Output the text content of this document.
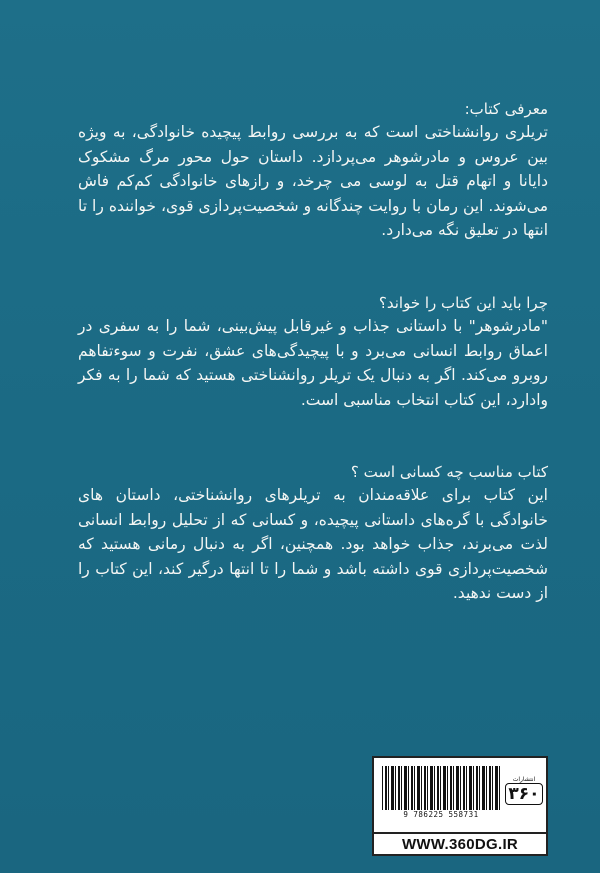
معرفی کتاب:

تریلری روانشناختی است که به بررسی روابط پیچیده خانوادگی، به ویژه بین عروس و مادرشوهر می‌پردازد. داستان حول محور مرگ مشکوک دایانا و اتهام قتل به لوسی می چرخد، و رازهای خانوادگی کم‌کم فاش می‌شوند. این رمان با روایت چندگانه و شخصیت‌پردازی قوی، خواننده را تا انتها در تعلیق نگه می‌دارد.

چرا باید این کتاب را خواند؟

"مادرشوهر" با داستانی جذاب و غیرقابل پیش‌بینی، شما را به سفری در اعماق روابط انسانی می‌برد و با پیچیدگی‌های عشق، نفرت و سوءتفاهم روبرو می‌کند. اگر به دنبال یک تریلر روانشناختی هستید که شما را به فکر وادارد، این کتاب انتخاب مناسبی است.

کتاب مناسب چه کسانی است ؟

این کتاب برای علاقه‌مندان به تریلرهای روانشناختی، داستان های خانوادگی با گره‌های داستانی پیچیده، و کسانی که از تحلیل روابط انسانی لذت می‌برند، جذاب خواهد بود. همچنین، اگر به دنبال رمانی هستید که شخصیت‌پردازی قوی داشته باشد و شما را تا انتها درگیر کند، این کتاب را از دست ندهید.

9 786225 558731
انتشارات
۳۶۰
WWW.360DG.IR
